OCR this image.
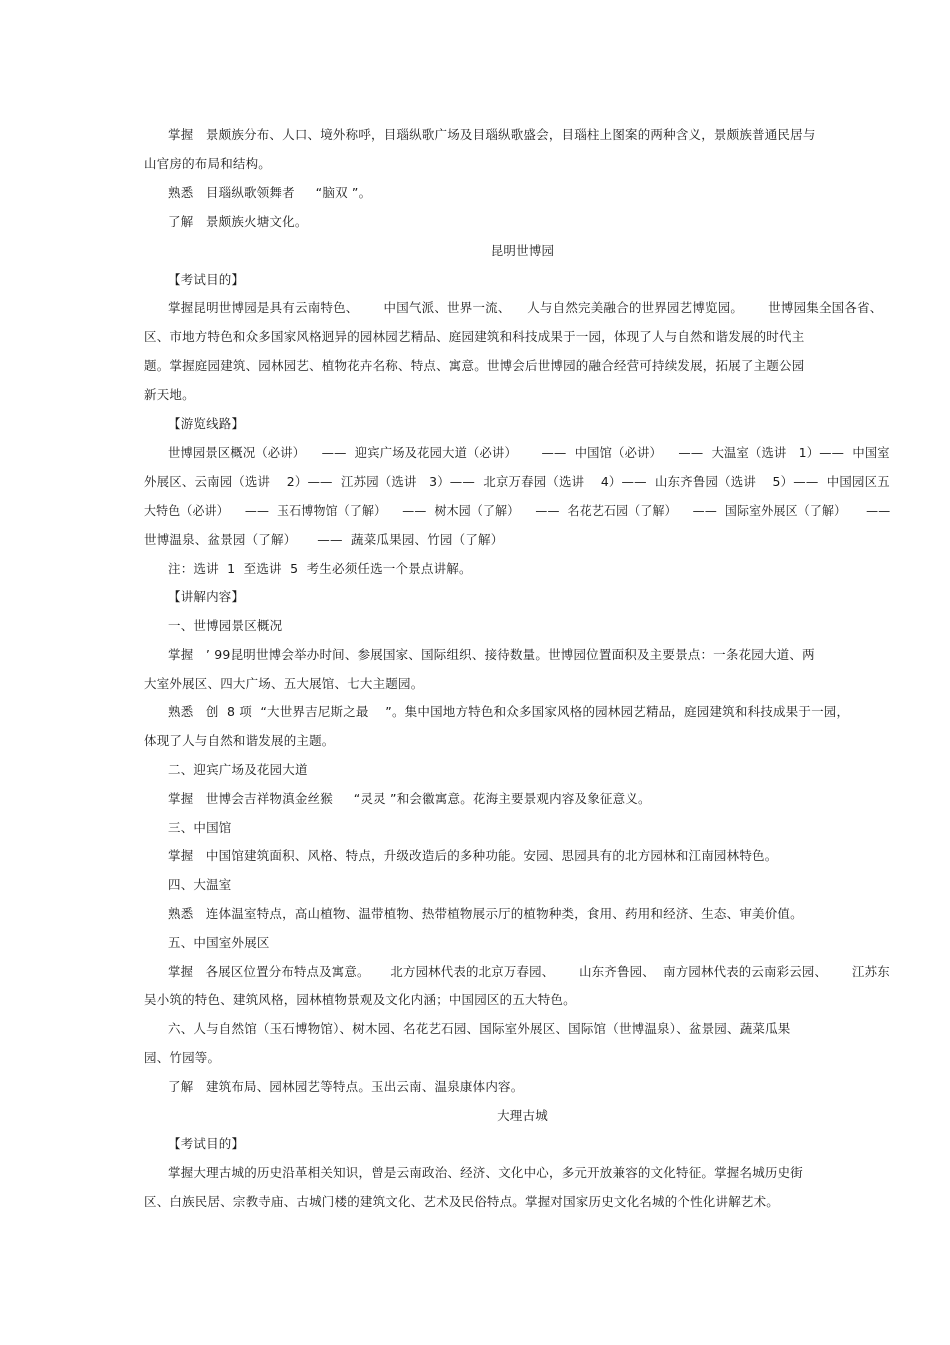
掌握   景颇族分布、人口、境外称呼，目瑙纵歌广场及目瑙纵歌盛会，目瑙柱上图案的两种含义，景颇族普通民居与
山官房的布局和结构。
熟悉   目瑙纵歌领舞者     “脑双 ”。
了解   景颇族火塘文化。
昆明世博园
【考试目的】
掌握昆明世博园是具有云南特色、      中国气派、世界一流、    人与自然完美融合的世界园艺博览园。      世博园集全国各省、
区、市地方特色和众多国家风格迥异的园林园艺精品、庭园建筑和科技成果于一园，体现了人与自然和谐发展的时代主
题。掌握庭园建筑、园林园艺、植物花卉名称、特点、寓意。世博会后世博园的融合经营可持续发展，拓展了主题公园
新天地。
【游览线路】
世博园景区概况（必讲）    ——  迎宾广场及花园大道（必讲）      ——  中国馆（必讲）    ——  大温室（选讲   1）——  中国室
外展区、云南园（选讲    2）——  江苏园（选讲   3）——  北京万春园（选讲    4）——  山东齐鲁园（选讲    5）——  中国园区五
大特色（必讲）    ——  玉石博物馆（了解）    ——  树木园（了解）    ——  名花艺石园（了解）    ——  国际室外展区（了解）     ——
世博温泉、盆景园（了解）     ——  蔬菜瓜果园、竹园（了解）
注：选讲  1  至选讲  5  考生必须任选一个景点讲解。
【讲解内容】
一、世博园景区概况
掌握   ’ 99昆明世博会举办时间、参展国家、国际组织、接待数量。世博园位置面积及主要景点：一条花园大道、两
大室外展区、四大广场、五大展馆、七大主题园。
熟悉   创  8 项  “大世界吉尼斯之最    ”。集中国地方特色和众多国家风格的园林园艺精品，庭园建筑和科技成果于一园，
体现了人与自然和谐发展的主题。
二、迎宾广场及花园大道
掌握   世博会吉祥物滇金丝猴     “灵灵 ”和会徽寓意。花海主要景观内容及象征意义。
三、中国馆
掌握   中国馆建筑面积、风格、特点，升级改造后的多种功能。安园、思园具有的北方园林和江南园林特色。
四、大温室
熟悉   连体温室特点，高山植物、温带植物、热带植物展示厅的植物种类，食用、药用和经济、生态、审美价值。
五、中国室外展区
掌握   各展区位置分布特点及寓意。     北方园林代表的北京万春园、      山东齐鲁园、  南方园林代表的云南彩云园、      江苏东
吴小筑的特色、建筑风格，园林植物景观及文化内涵；中国园区的五大特色。
六、人与自然馆（玉石博物馆）、树木园、名花艺石园、国际室外展区、国际馆（世博温泉）、盆景园、蔬菜瓜果
园、竹园等。
了解   建筑布局、园林园艺等特点。玉出云南、温泉康体内容。
大理古城
【考试目的】
掌握大理古城的历史沿革相关知识，曾是云南政治、经济、文化中心，多元开放兼容的文化特征。掌握名城历史街
区、白族民居、宗教寺庙、古城门楼的建筑文化、艺术及民俗特点。掌握对国家历史文化名城的个性化讲解艺术。
